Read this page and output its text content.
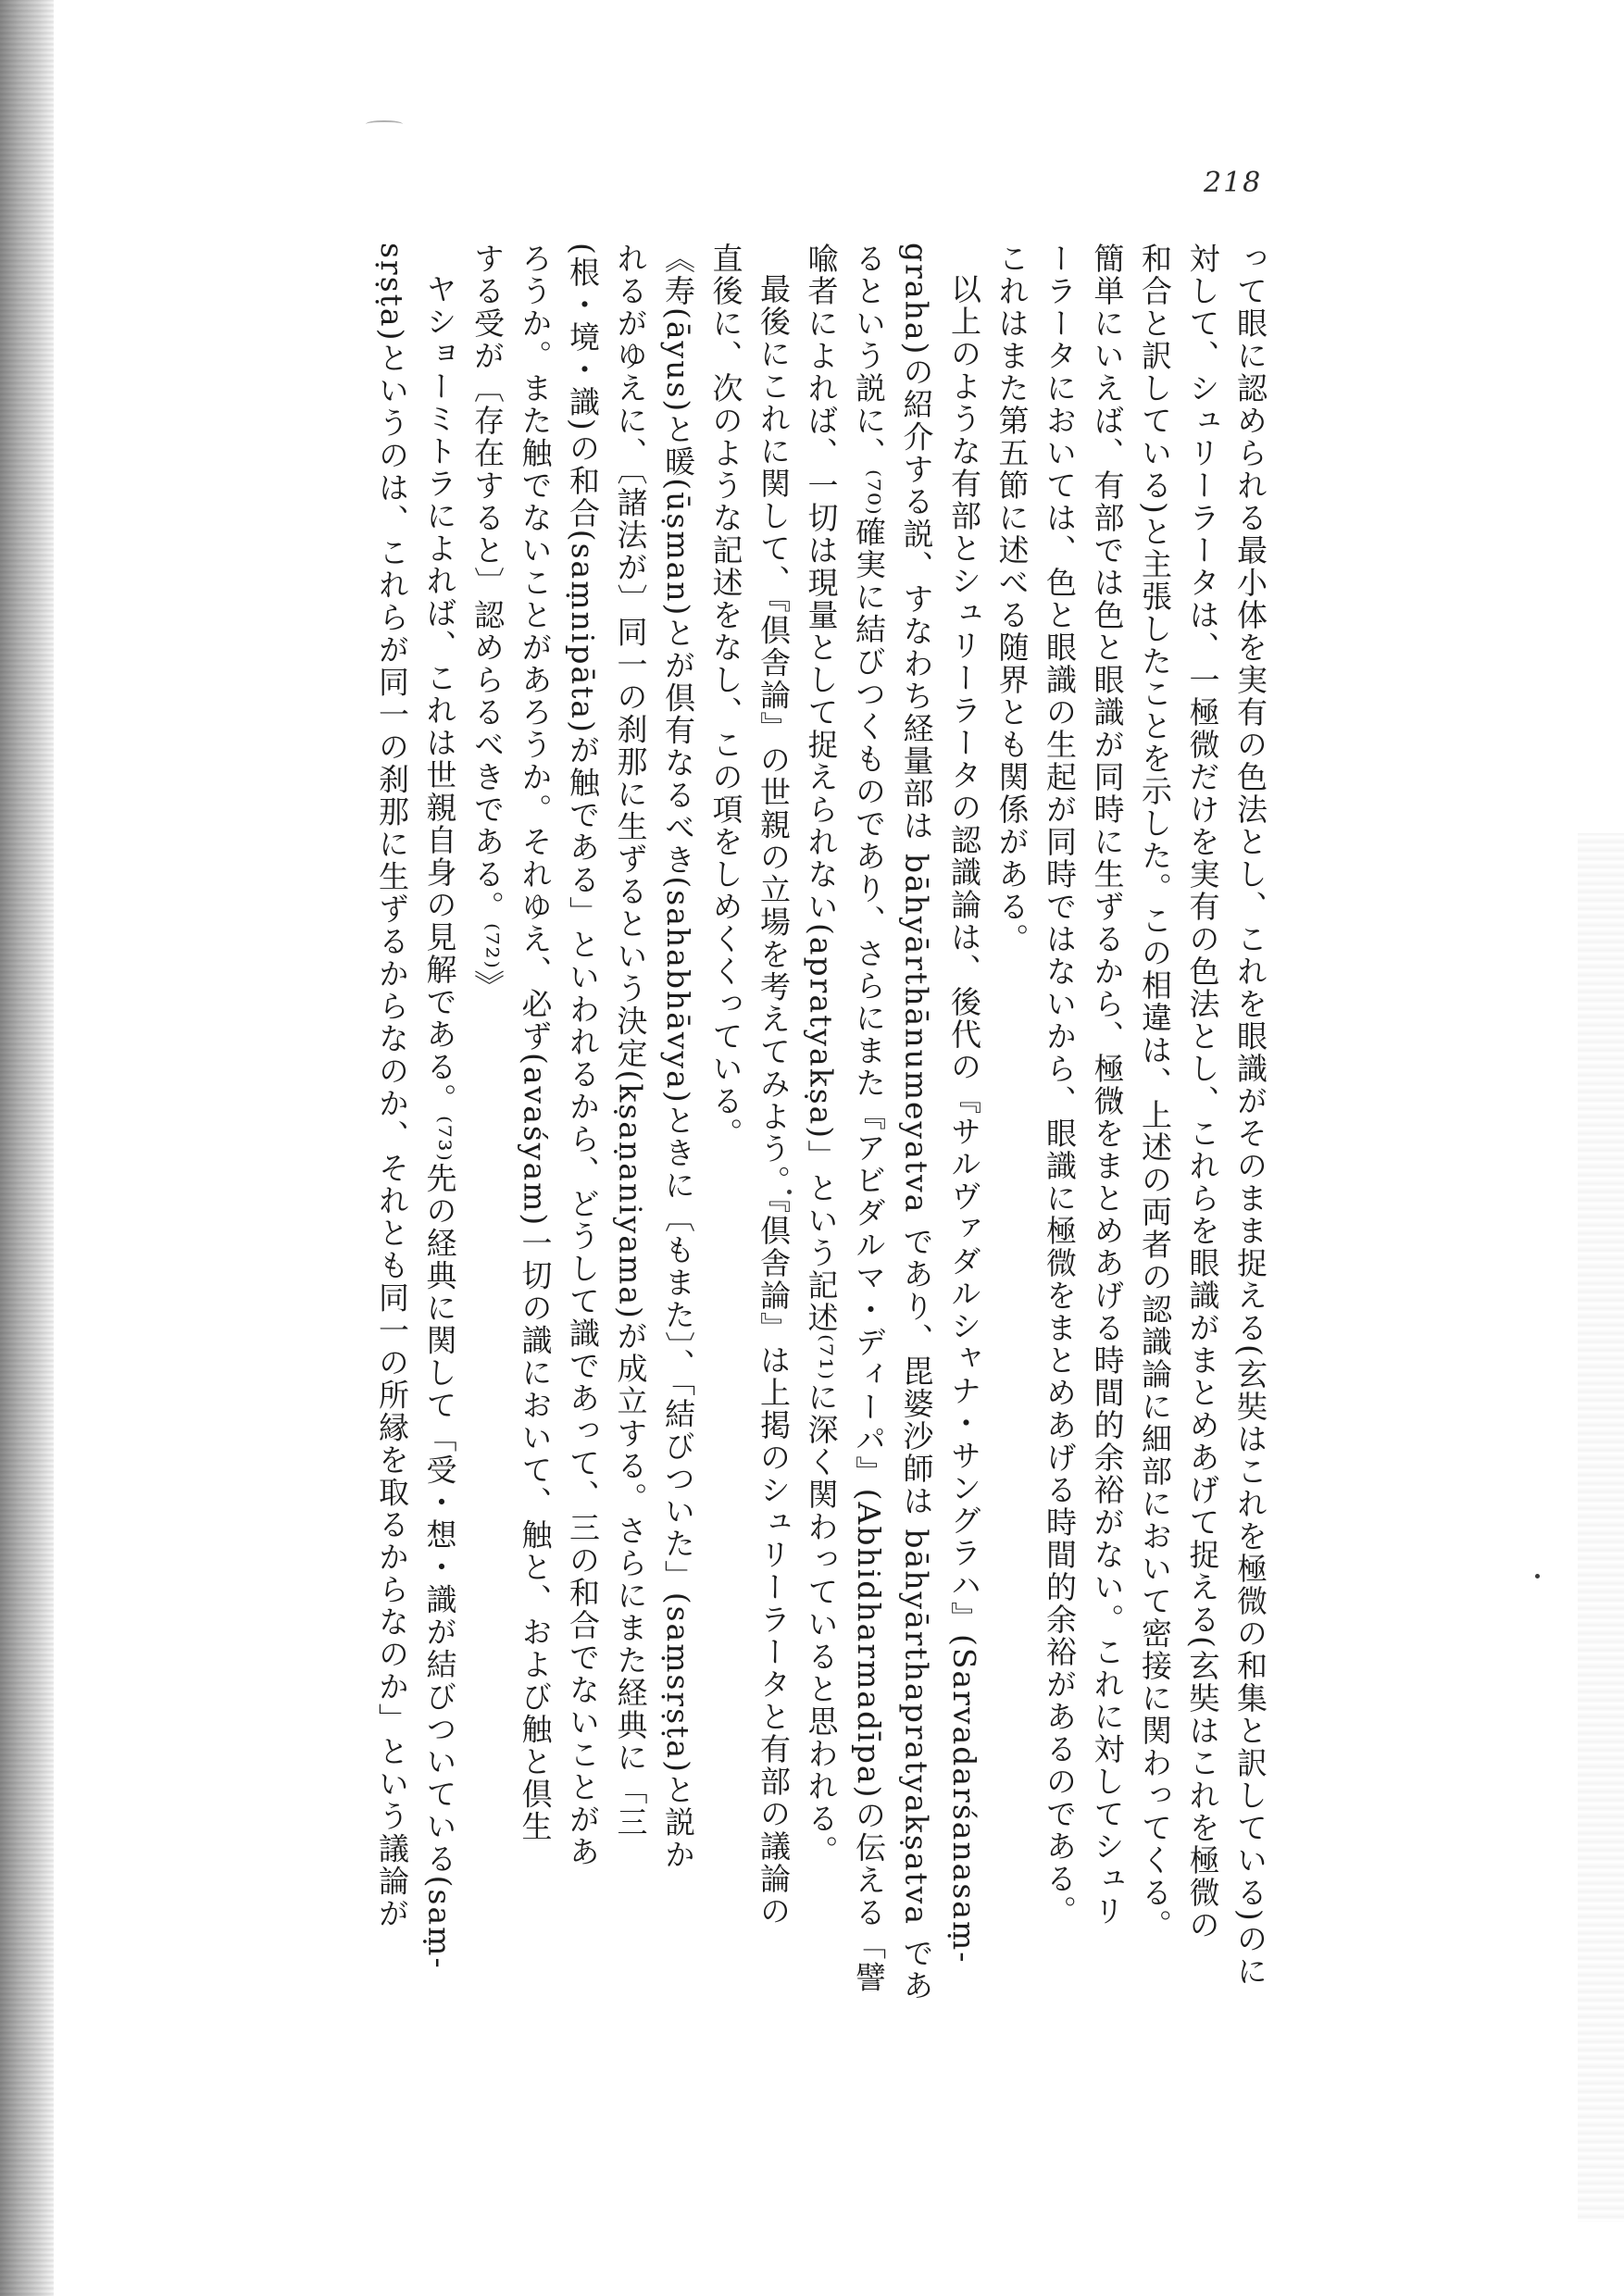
218
って眼に認められる最小体を実有の色法とし、これを眼識がそのまま捉える(玄奘はこれを極微の和集と訳している)のに
対して、シュリーラータは、一極微だけを実有の色法とし、これらを眼識がまとめあげて捉える(玄奘はこれを極微の
和合と訳している)と主張したことを示した。この相違は、上述の両者の認識論に細部において密接に関わってくる。
簡単にいえば、有部では色と眼識が同時に生ずるから、極微をまとめあげる時間的余裕がない。これに対してシュリ
ーラータにおいては、色と眼識の生起が同時ではないから、眼識に極微をまとめあげる時間的余裕があるのである。
これはまた第五節に述べる随界とも関係がある。
以上のような有部とシュリーラータの認識論は、後代の『サルヴァダルシャナ・サングラハ』(Sarvadarśanasaṃ-
graha)の紹介する説、すなわち経量部は bāhyārthānumeyatva であり、毘婆沙師は bāhyārthapratyakṣatva であ
るという説に、⁽⁷⁰⁾確実に結びつくものであり、さらにまた『アビダルマ・ディーパ』(Abhidharmadīpa)の伝える「譬
喩者によれば、一切は現量として捉えられない(apratyakṣa)」という記述⁽⁷¹⁾に深く関わっていると思われる。
最後にこれに関して、『倶舎論』の世親の立場を考えてみよう。『倶舎論』は上掲のシュリーラータと有部の議論の
直後に、次のような記述をなし、この項をしめくくっている。
《寿(āyus)と暖(ūṣman)とが倶有なるべき(sahabhāvya)ときに〔もまた〕、「結びついた」(saṃsṛṣṭa)と説か
れるがゆえに、〔諸法が〕同一の刹那に生ずるという決定(kṣaṇaniyama)が成立する。さらにまた経典に「三
(根・境・識)の和合(saṃnipāta)が触である」といわれるから、どうして識であって、三の和合でないことがあ
ろうか。また触でないことがあろうか。それゆえ、必ず(avaśyam)一切の識において、触と、および触と倶生
する受が〔存在すると〕認めらるべきである。⁽⁷²⁾》
ヤショーミトラによれば、これは世親自身の見解である。⁽⁷³⁾先の経典に関して「受・想・識が結びついている(saṃ-
sṛṣṭa)というのは、これらが同一の刹那に生ずるからなのか、それとも同一の所縁を取るからなのか」という議論が
